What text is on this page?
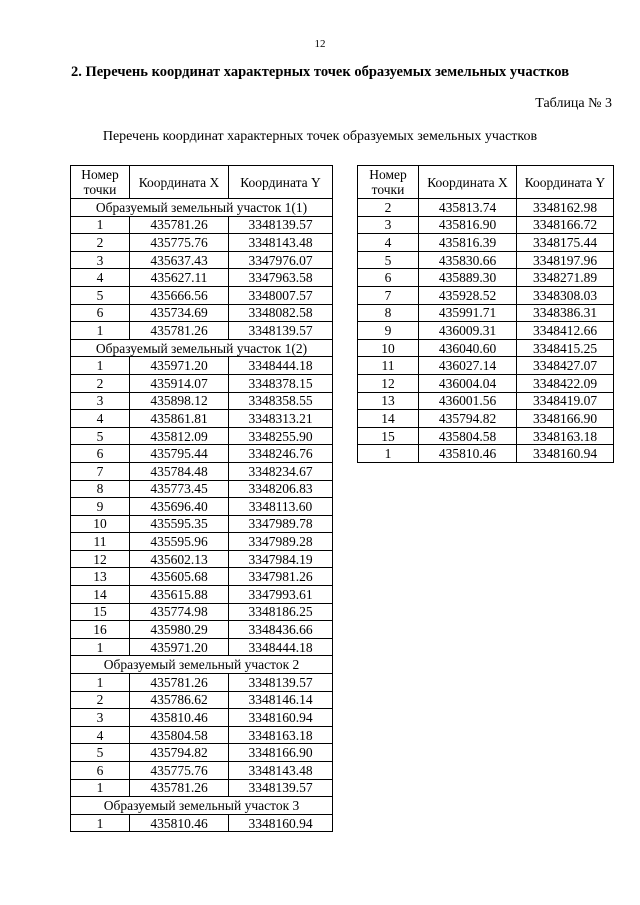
12
2. Перечень координат характерных точек образуемых земельных участков
Таблица № 3
Перечень координат характерных точек образуемых земельных участков
Номер точки	Координата X	Координата Y
Образуемый земельный участок 1(1)		
1	435781.26	3348139.57
2	435775.76	3348143.48
3	435637.43	3347976.07
4	435627.11	3347963.58
5	435666.56	3348007.57
6	435734.69	3348082.58
1	435781.26	3348139.57
Образуемый земельный участок 1(2)		
1	435971.20	3348444.18
2	435914.07	3348378.15
3	435898.12	3348358.55
4	435861.81	3348313.21
5	435812.09	3348255.90
6	435795.44	3348246.76
7	435784.48	3348234.67
8	435773.45	3348206.83
9	435696.40	3348113.60
10	435595.35	3347989.78
11	435595.96	3347989.28
12	435602.13	3347984.19
13	435605.68	3347981.26
14	435615.88	3347993.61
15	435774.98	3348186.25
16	435980.29	3348436.66
1	435971.20	3348444.18
Образуемый земельный участок 2		
1	435781.26	3348139.57
2	435786.62	3348146.14
3	435810.46	3348160.94
4	435804.58	3348163.18
5	435794.82	3348166.90
6	435775.76	3348143.48
1	435781.26	3348139.57
Образуемый земельный участок 3		
1	435810.46	3348160.94
Номер точки	Координата X	Координата Y
2	435813.74	3348162.98
3	435816.90	3348166.72
4	435816.39	3348175.44
5	435830.66	3348197.96
6	435889.30	3348271.89
7	435928.52	3348308.03
8	435991.71	3348386.31
9	436009.31	3348412.66
10	436040.60	3348415.25
11	436027.14	3348427.07
12	436004.04	3348422.09
13	436001.56	3348419.07
14	435794.82	3348166.90
15	435804.58	3348163.18
1	435810.46	3348160.94
